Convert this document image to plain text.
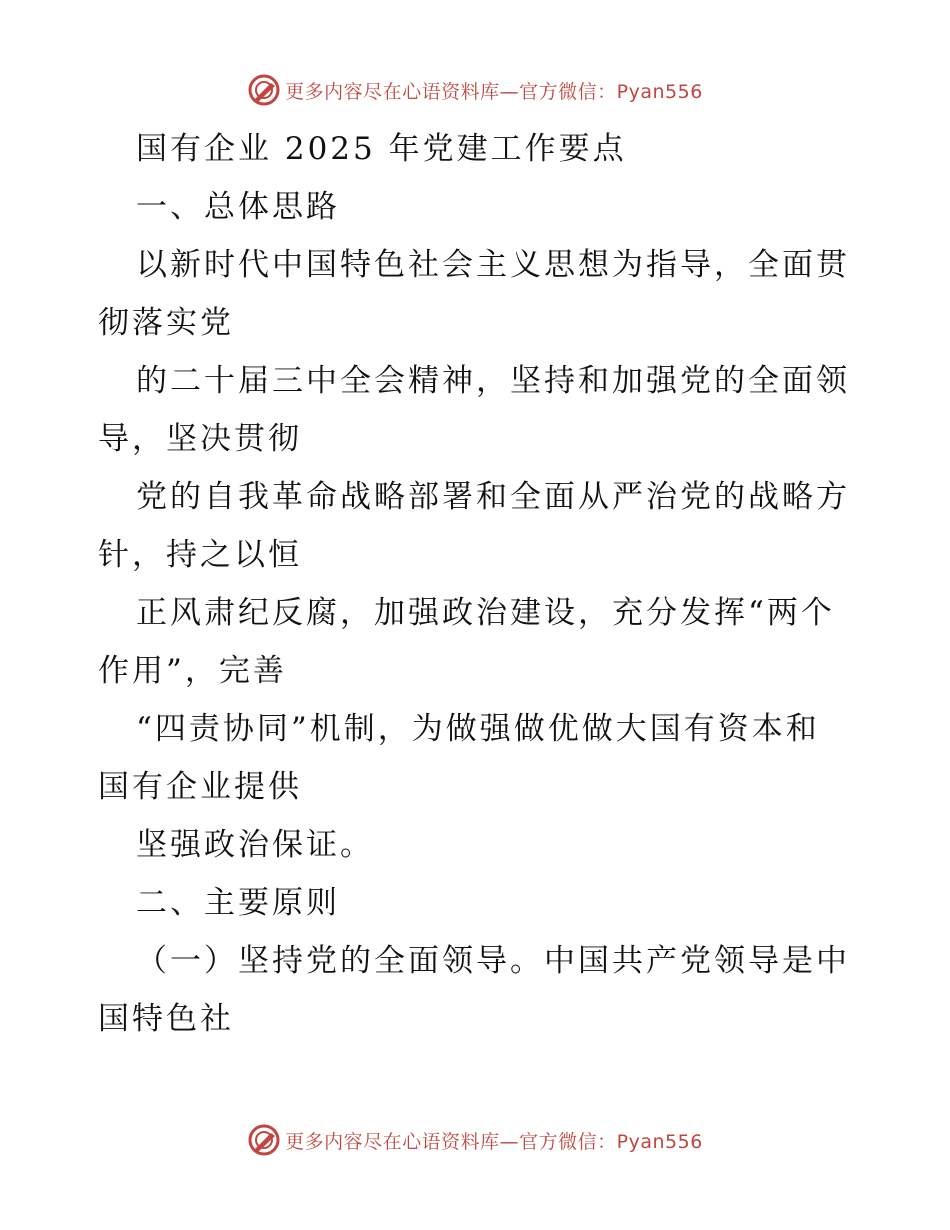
更多内容尽在心语资料库—官方微信：Pyan556
国有企业 2025 年党建工作要点
一、总体思路
以新时代中国特色社会主义思想为指导，全面贯
彻落实党
的二十届三中全会精神，坚持和加强党的全面领
导，坚决贯彻
党的自我革命战略部署和全面从严治党的战略方
针，持之以恒
正风肃纪反腐，加强政治建设，充分发挥“两个
作用”，完善
“四责协同”机制，为做强做优做大国有资本和
国有企业提供
坚强政治保证。
二、主要原则
（一）坚持党的全面领导。中国共产党领导是中
国特色社
更多内容尽在心语资料库—官方微信：Pyan556
